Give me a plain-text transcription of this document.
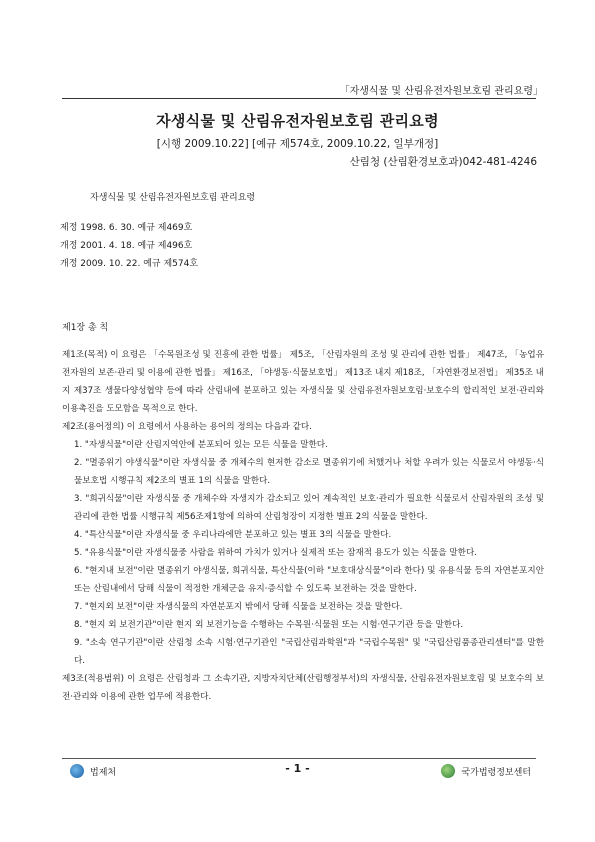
「자생식물 및 산림유전자원보호림 관리요령」
자생식물 및 산림유전자원보호림 관리요령
[시행 2009.10.22] [예규 제574호, 2009.10.22, 일부개정]
산림청 (산림환경보호과)042-481-4246
자생식물 및 산림유전자원보호림 관리요령
제정 1998. 6. 30. 예규 제469호
개정 2001. 4. 18. 예규 제496호
개정 2009. 10. 22. 예규 제574호
제1장 총 칙

제1조(목적) 이 요령은 「수목원조성 및 진흥에 관한 법률」 제5조, 「산림자원의 조성 및 관리에 관한 법률」 제47조, 「농업유전자원의 보존·관리 및 이용에 관한 법률」 제16조, 「야생동·식물보호법」 제13조 내지 제18조, 「자연환경보전법」 제35조 내지 제37조 생물다양성협약 등에 따라 산림내에 분포하고 있는 자생식물 및 산림유전자원보호림·보호수의 합리적인 보전·관리와 이용촉진을 도모함을 목적으로 한다.

제2조(용어정의) 이 요령에서 사용하는 용어의 정의는 다음과 같다.

1. "자생식물"이란 산림지역안에 분포되어 있는 모든 식물을 말한다.

2. "멸종위기 야생식물"이란 자생식물 중 개체수의 현저한 감소로 멸종위기에 처했거나 처할 우려가 있는 식물로서 야생동·식물보호법 시행규칙 제2조의 별표 1의 식물을 말한다.

3. "희귀식물"이란 자생식물 중 개체수와 자생지가 감소되고 있어 계속적인 보호·관리가 필요한 식물로서 산림자원의 조성 및 관리에 관한 법률 시행규칙 제56조제1항에 의하여 산림청장이 지정한 별표 2의 식물을 말한다.

4. "특산식물"이란 자생식물 중 우리나라에만 분포하고 있는 별표 3의 식물을 말한다.

5. "유용식물"이란 자생식물중 사람을 위하여 가치가 있거나 실제적 또는 잠재적 용도가 있는 식물을 말한다.

6. "현지내 보전"이란 멸종위기 야생식물, 희귀식물, 특산식물(이하 "보호대상식물"이라 한다) 및 유용식물 등의 자연분포지안 또는 산림내에서 당해 식물이 적정한 개체군을 유지·증식할 수 있도록 보전하는 것을 말한다.

7. "현지외 보전"이란 자생식물의 자연분포지 밖에서 당해 식물을 보전하는 것을 말한다.

8. "현지 외 보전기관"이란 현지 외 보전기능을 수행하는 수목원·식물원 또는 시험·연구기관 등을 말한다.

9. "소속 연구기관"이란 산림청 소속 시험·연구기관인 "국립산림과학원"과 "국립수목원" 및 "국립산림품종관리센터"를 말한다.

제3조(적용범위) 이 요령은 산림청과 그 소속기관, 지방자치단체(산림행정부서)의 자생식물, 산림유전자원보호림 및 보호수의 보전·관리와 이용에 관한 업무에 적용한다.

법제처	- 1 -	국가법령정보센터
